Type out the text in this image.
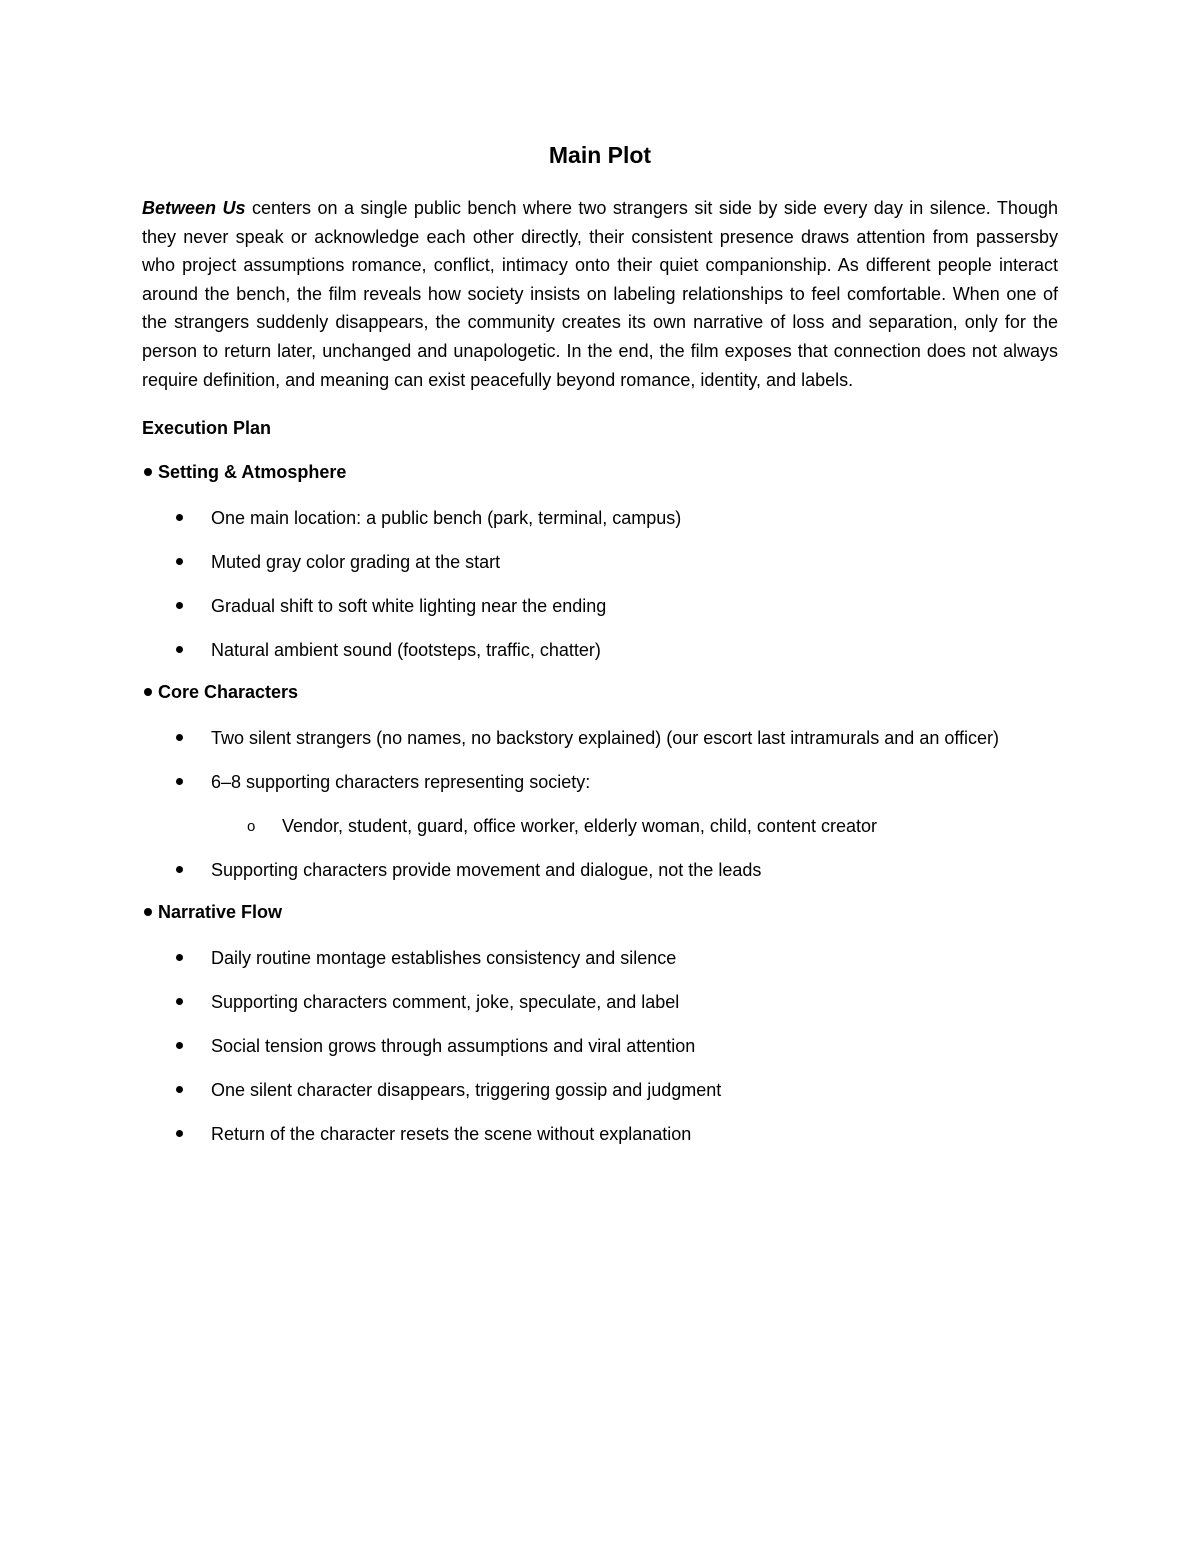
Main Plot

Between Us centers on a single public bench where two strangers sit side by side every day in silence. Though they never speak or acknowledge each other directly, their consistent presence draws attention from passersby who project assumptions romance, conflict, intimacy onto their quiet companionship. As different people interact around the bench, the film reveals how society insists on labeling relationships to feel comfortable. When one of the strangers suddenly disappears, the community creates its own narrative of loss and separation, only for the person to return later, unchanged and unapologetic. In the end, the film exposes that connection does not always require definition, and meaning can exist peacefully beyond romance, identity, and labels.

Execution Plan
Setting & Atmosphere
One main location: a public bench (park, terminal, campus)
Muted gray color grading at the start
Gradual shift to soft white lighting near the ending
Natural ambient sound (footsteps, traffic, chatter)
Core Characters
Two silent strangers (no names, no backstory explained) (our escort last intramurals and an officer)
6–8 supporting characters representing society:
o Vendor, student, guard, office worker, elderly woman, child, content creator
Supporting characters provide movement and dialogue, not the leads
Narrative Flow
Daily routine montage establishes consistency and silence
Supporting characters comment, joke, speculate, and label
Social tension grows through assumptions and viral attention
One silent character disappears, triggering gossip and judgment
Return of the character resets the scene without explanation
